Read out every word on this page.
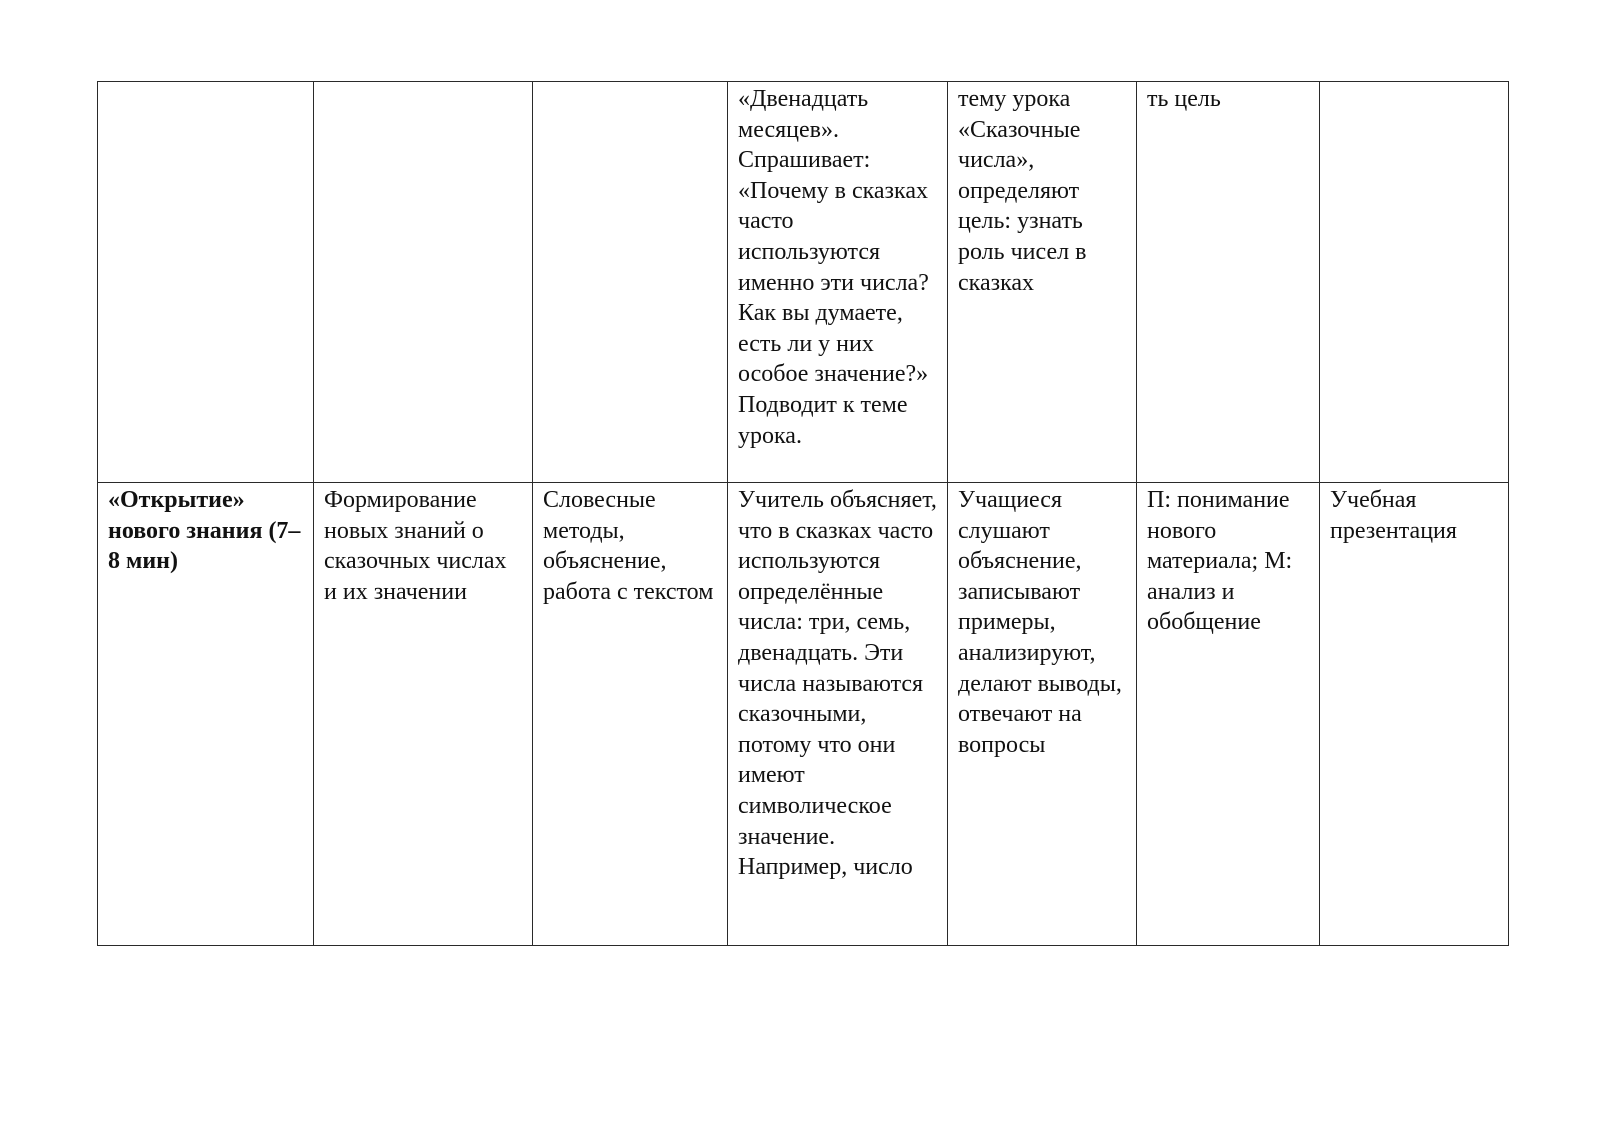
			«Двенадцать месяцев». Спрашивает: «Почему в сказках часто используются именно эти числа? Как вы думаете, есть ли у них особое значение?» Подводит к теме урока.	тему урока «Сказочные числа», определяют цель: узнать роль чисел в сказках	ть цель	

«Открытие» нового знания (7–8 мин)	Формирование новых знаний о сказочных числах и их значении	Словесные методы, объяснение, работа с текстом	Учитель объясняет, что в сказках часто используются определённые числа: три, семь, двенадцать. Эти числа называются сказочными, потому что они имеют символическое значение. Например, число	Учащиеся слушают объяснение, записывают примеры, анализируют, делают выводы, отвечают на вопросы	П: понимание нового материала; М: анализ и обобщение	Учебная презентация
